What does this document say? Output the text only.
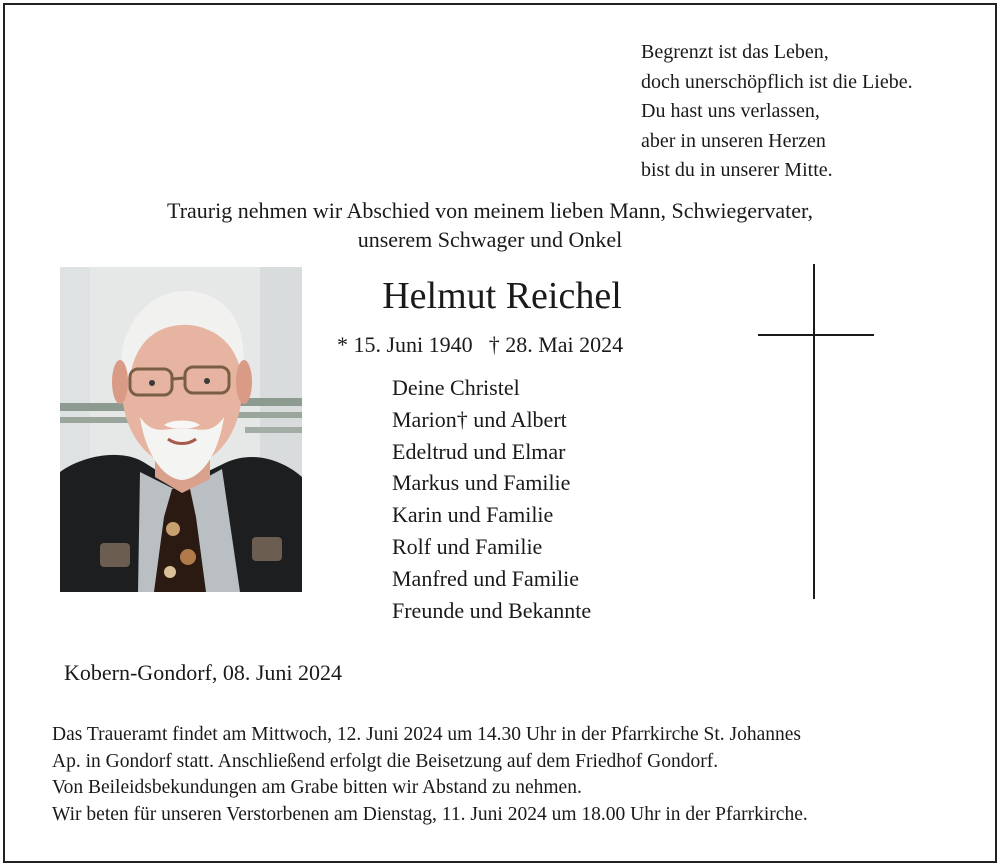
Begrenzt ist das Leben,
doch unerschöpflich ist die Liebe.
Du hast uns verlassen,
aber in unseren Herzen
bist du in unserer Mitte.
Traurig nehmen wir Abschied von meinem lieben Mann, Schwiegervater,
unserem Schwager und Onkel
Helmut Reichel
* 15. Juni 1940 † 28. Mai 2024
Deine Christel
Marion† und Albert
Edeltrud und Elmar
Markus und Familie
Karin und Familie
Rolf und Familie
Manfred und Familie
Freunde und Bekannte
Kobern-Gondorf, 08. Juni 2024
Das Traueramt findet am Mittwoch, 12. Juni 2024 um 14.30 Uhr in der Pfarrkirche St. Johannes
Ap. in Gondorf statt. Anschließend erfolgt die Beisetzung auf dem Friedhof Gondorf.
Von Beileidsbekundungen am Grabe bitten wir Abstand zu nehmen.
Wir beten für unseren Verstorbenen am Dienstag, 11. Juni 2024 um 18.00 Uhr in der Pfarrkirche.
